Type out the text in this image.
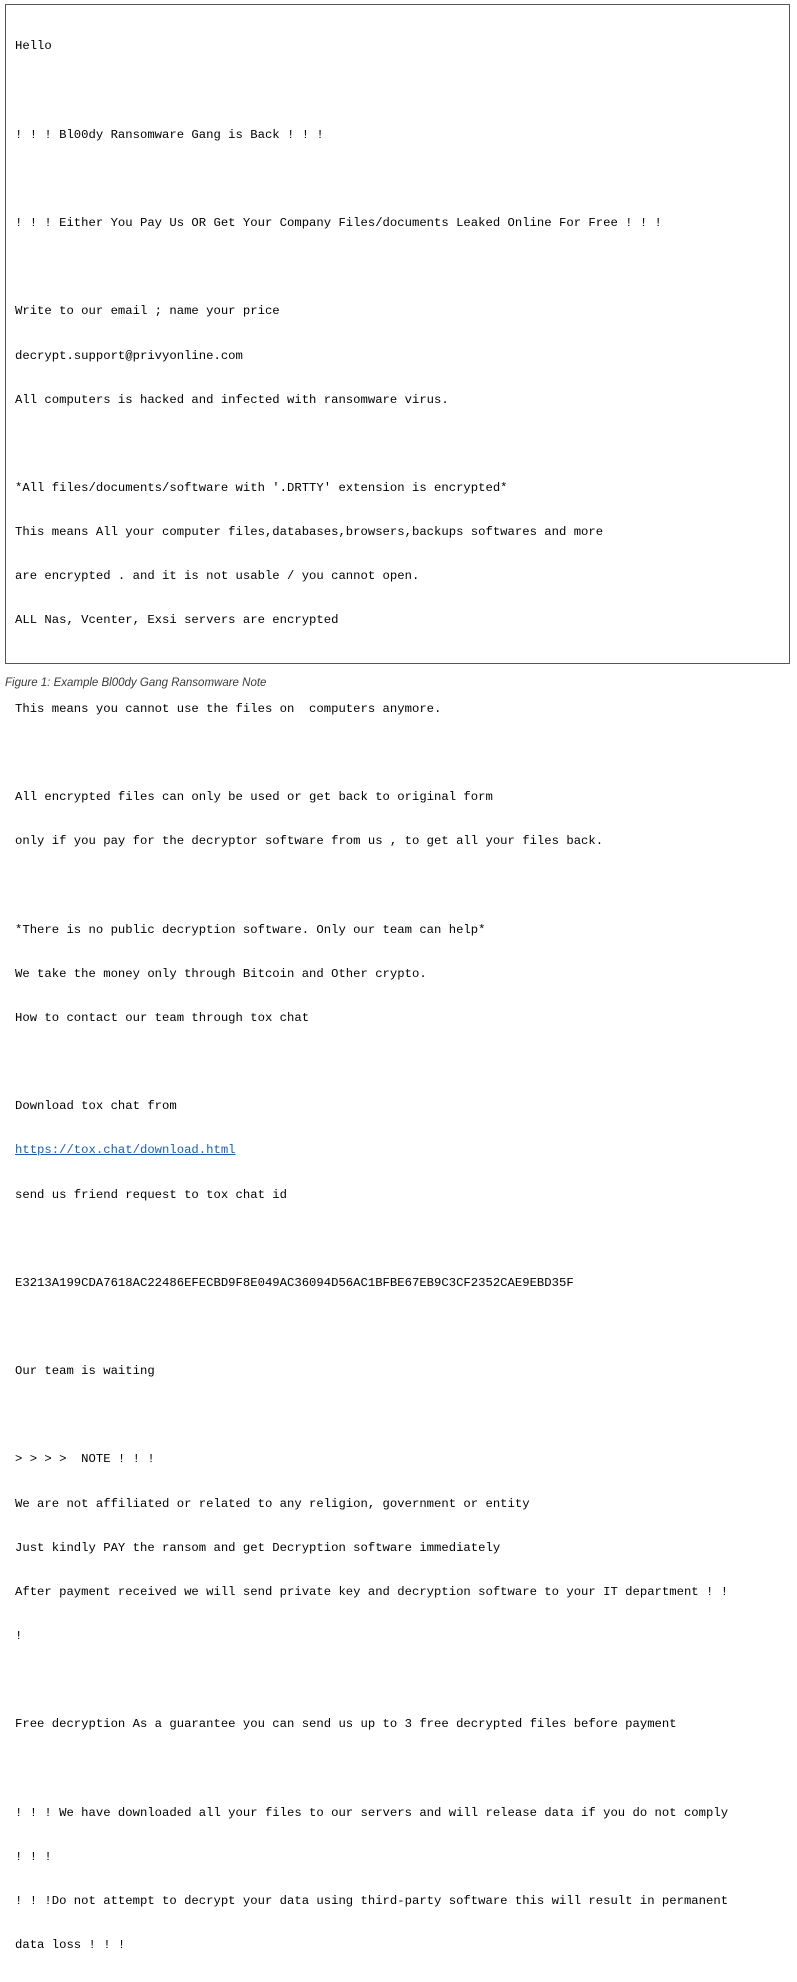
Hello

! ! ! Bl00dy Ransomware Gang is Back ! ! !

! ! ! Either You Pay Us OR Get Your Company Files/documents Leaked Online For Free ! ! !

Write to our email ; name your price

decrypt.support@privyonline.com

All computers is hacked and infected with ransomware virus.

*All files/documents/software with '.DRTTY' extension is encrypted*

This means All your computer files,databases,browsers,backups softwares and more

are encrypted . and it is not usable / you cannot open.

ALL Nas, Vcenter, Exsi servers are encrypted

This means you cannot use the files on  computers anymore.

All encrypted files can only be used or get back to original form

only if you pay for the decryptor software from us , to get all your files back.

*There is no public decryption software. Only our team can help*

We take the money only through Bitcoin and Other crypto.

How to contact our team through tox chat

Download tox chat from

https://tox.chat/download.html

send us friend request to tox chat id

E3213A199CDA7618AC22486EFECBD9F8E049AC36094D56AC1BFBE67EB9C3CF2352CAE9EBD35F

Our team is waiting

> > > >  NOTE ! ! !

We are not affiliated or related to any religion, government or entity

Just kindly PAY the ransom and get Decryption software immediately

After payment received we will send private key and decryption software to your IT department ! !

!

Free decryption As a guarantee you can send us up to 3 free decrypted files before payment

! ! ! We have downloaded all your files to our servers and will release data if you do not comply

! ! !

! ! !Do not attempt to decrypt your data using third-party software this will result in permanent

data loss ! ! !

Figure 1: Example Bl00dy Gang Ransomware Note
